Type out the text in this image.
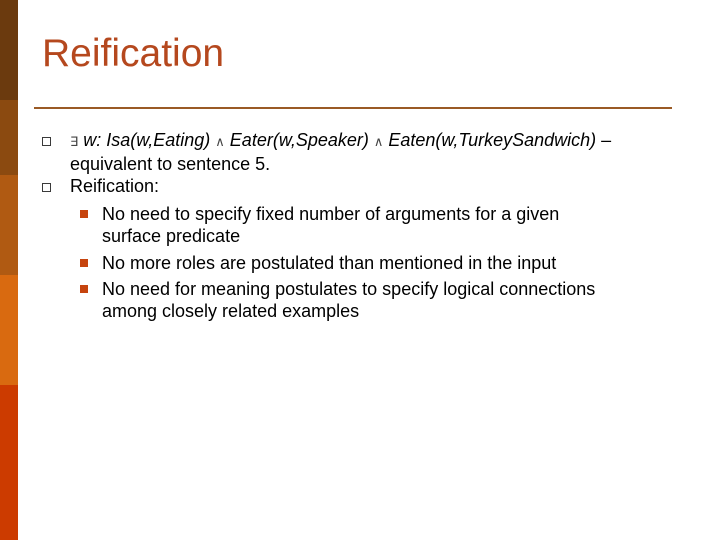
Reification
∃ w: Isa(w,Eating) ∧ Eater(w,Speaker) ∧ Eaten(w,TurkeySandwich) –
equivalent to sentence 5.
Reification:
No need to specify fixed number of arguments for a given
surface predicate
No more roles are postulated than mentioned in the input
No need for meaning postulates to specify logical connections
among closely related examples
